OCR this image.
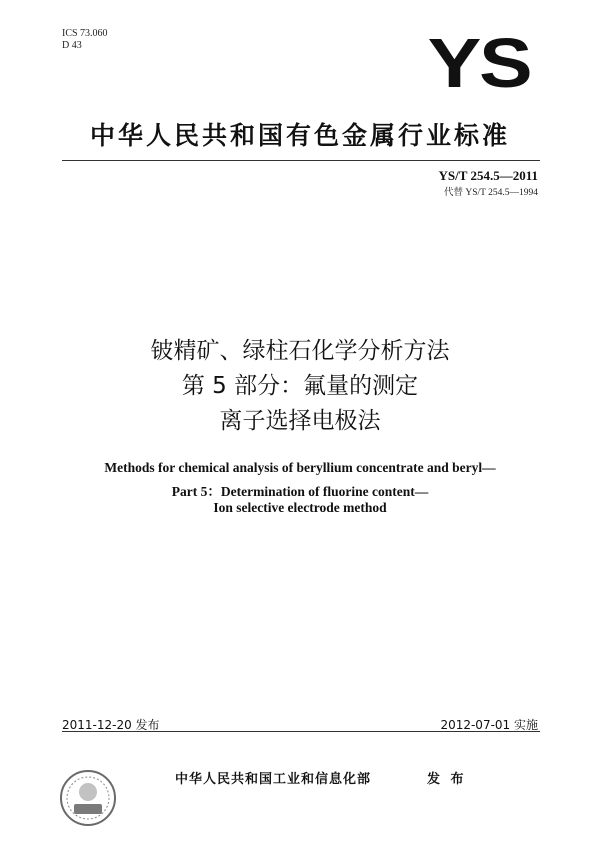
ICS 73.060
D 43	YS
中华人民共和国有色金属行业标准
YS/T 254.5—2011
代替 YS/T 254.5—1994
铍精矿、绿柱石化学分析方法
第 5 部分：氟量的测定
离子选择电极法
Methods for chemical analysis of beryllium concentrate and beryl—
Part 5：Determination of fluorine content—
Ion selective electrode method
2011-12-20 发布	2012-07-01 实施
中华人民共和国工业和信息化部	发 布
